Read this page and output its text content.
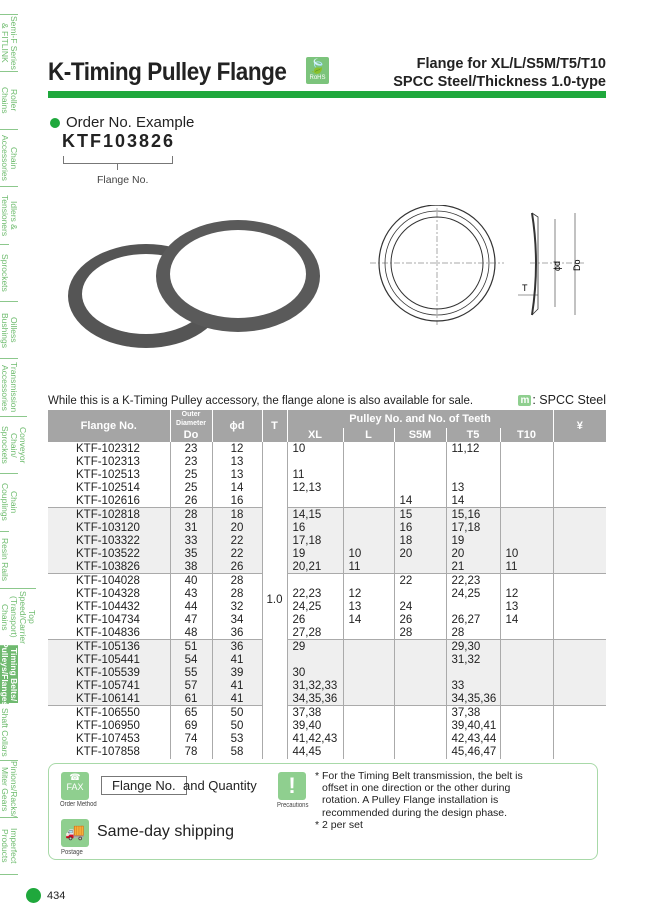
Semi-F Series
& FITLINK
Roller
Chains
Chain
Accessories
Idlers &
Tensioners
Sprockets
Oilless
Bushings
Transmission
Accessories
Conveyor Chain/
Sprockets
Chain
Couplings
Resin Rails
Top Speed/Carrier
(Transport) Chains
Timing Belts/
Pulleys/Flanges
Shaft Collars
Pinions/Racks/
Miter Gears
Imperfect
Products
K-Timing Pulley Flange 🍃
RoHS
Flange for XL/L/S5M/T5/T10
SPCC Steel/Thickness 1.0-type
Order No. Example
KTF103826
Flange No.
ϕd Do
T
While this is a K-Timing Pulley accessory, the flange alone is also available for sale.	m : SPCC Steel
Flange No.	Outer Diameter	ϕd	T	Pulley No. and No. of Teeth					¥
	Do			XL	L	S5M	T5	T10	
KTF-102312	23	12	1.0	10			11,12		
KTF-102313	23	13							
KTF-102513	25	13		11					
KTF-102514	25	14		12,13			13		
KTF-102616	26	16				14	14		
KTF-102818	28	18		14,15		15	15,16		
KTF-103120	31	20		16		16	17,18		
KTF-103322	33	22		17,18		18	19		
KTF-103522	35	22		19	10	20	20	10	
KTF-103826	38	26		20,21	11		21	11	
KTF-104028	40	28				22	22,23		
KTF-104328	43	28		22,23	12		24,25	12	
KTF-104432	44	32		24,25	13	24		13	
KTF-104734	47	34		26	14	26	26,27	14	
KTF-104836	48	36		27,28		28	28		
KTF-105136	51	36		29			29,30		
KTF-105441	54	41					31,32		
KTF-105539	55	39		30					
KTF-105741	57	41		31,32,33			33		
KTF-106141	61	41		34,35,36			34,35,36		
KTF-106550	65	50		37,38			37,38		
KTF-106950	69	50		39,40			39,40,41		
KTF-107453	74	53		41,42,43			42,43,44		
KTF-107858	78	58		44,45			45,46,47		
☎
FAX
Order Method
Flange No. and Quantity
🚚
Postage
Same-day shipping
!
Precautions

* For the Timing Belt transmission, the belt is offset in one direction or the other during rotation. A Pulley Flange installation is recommended during the design phase.

* 2 per set

434
